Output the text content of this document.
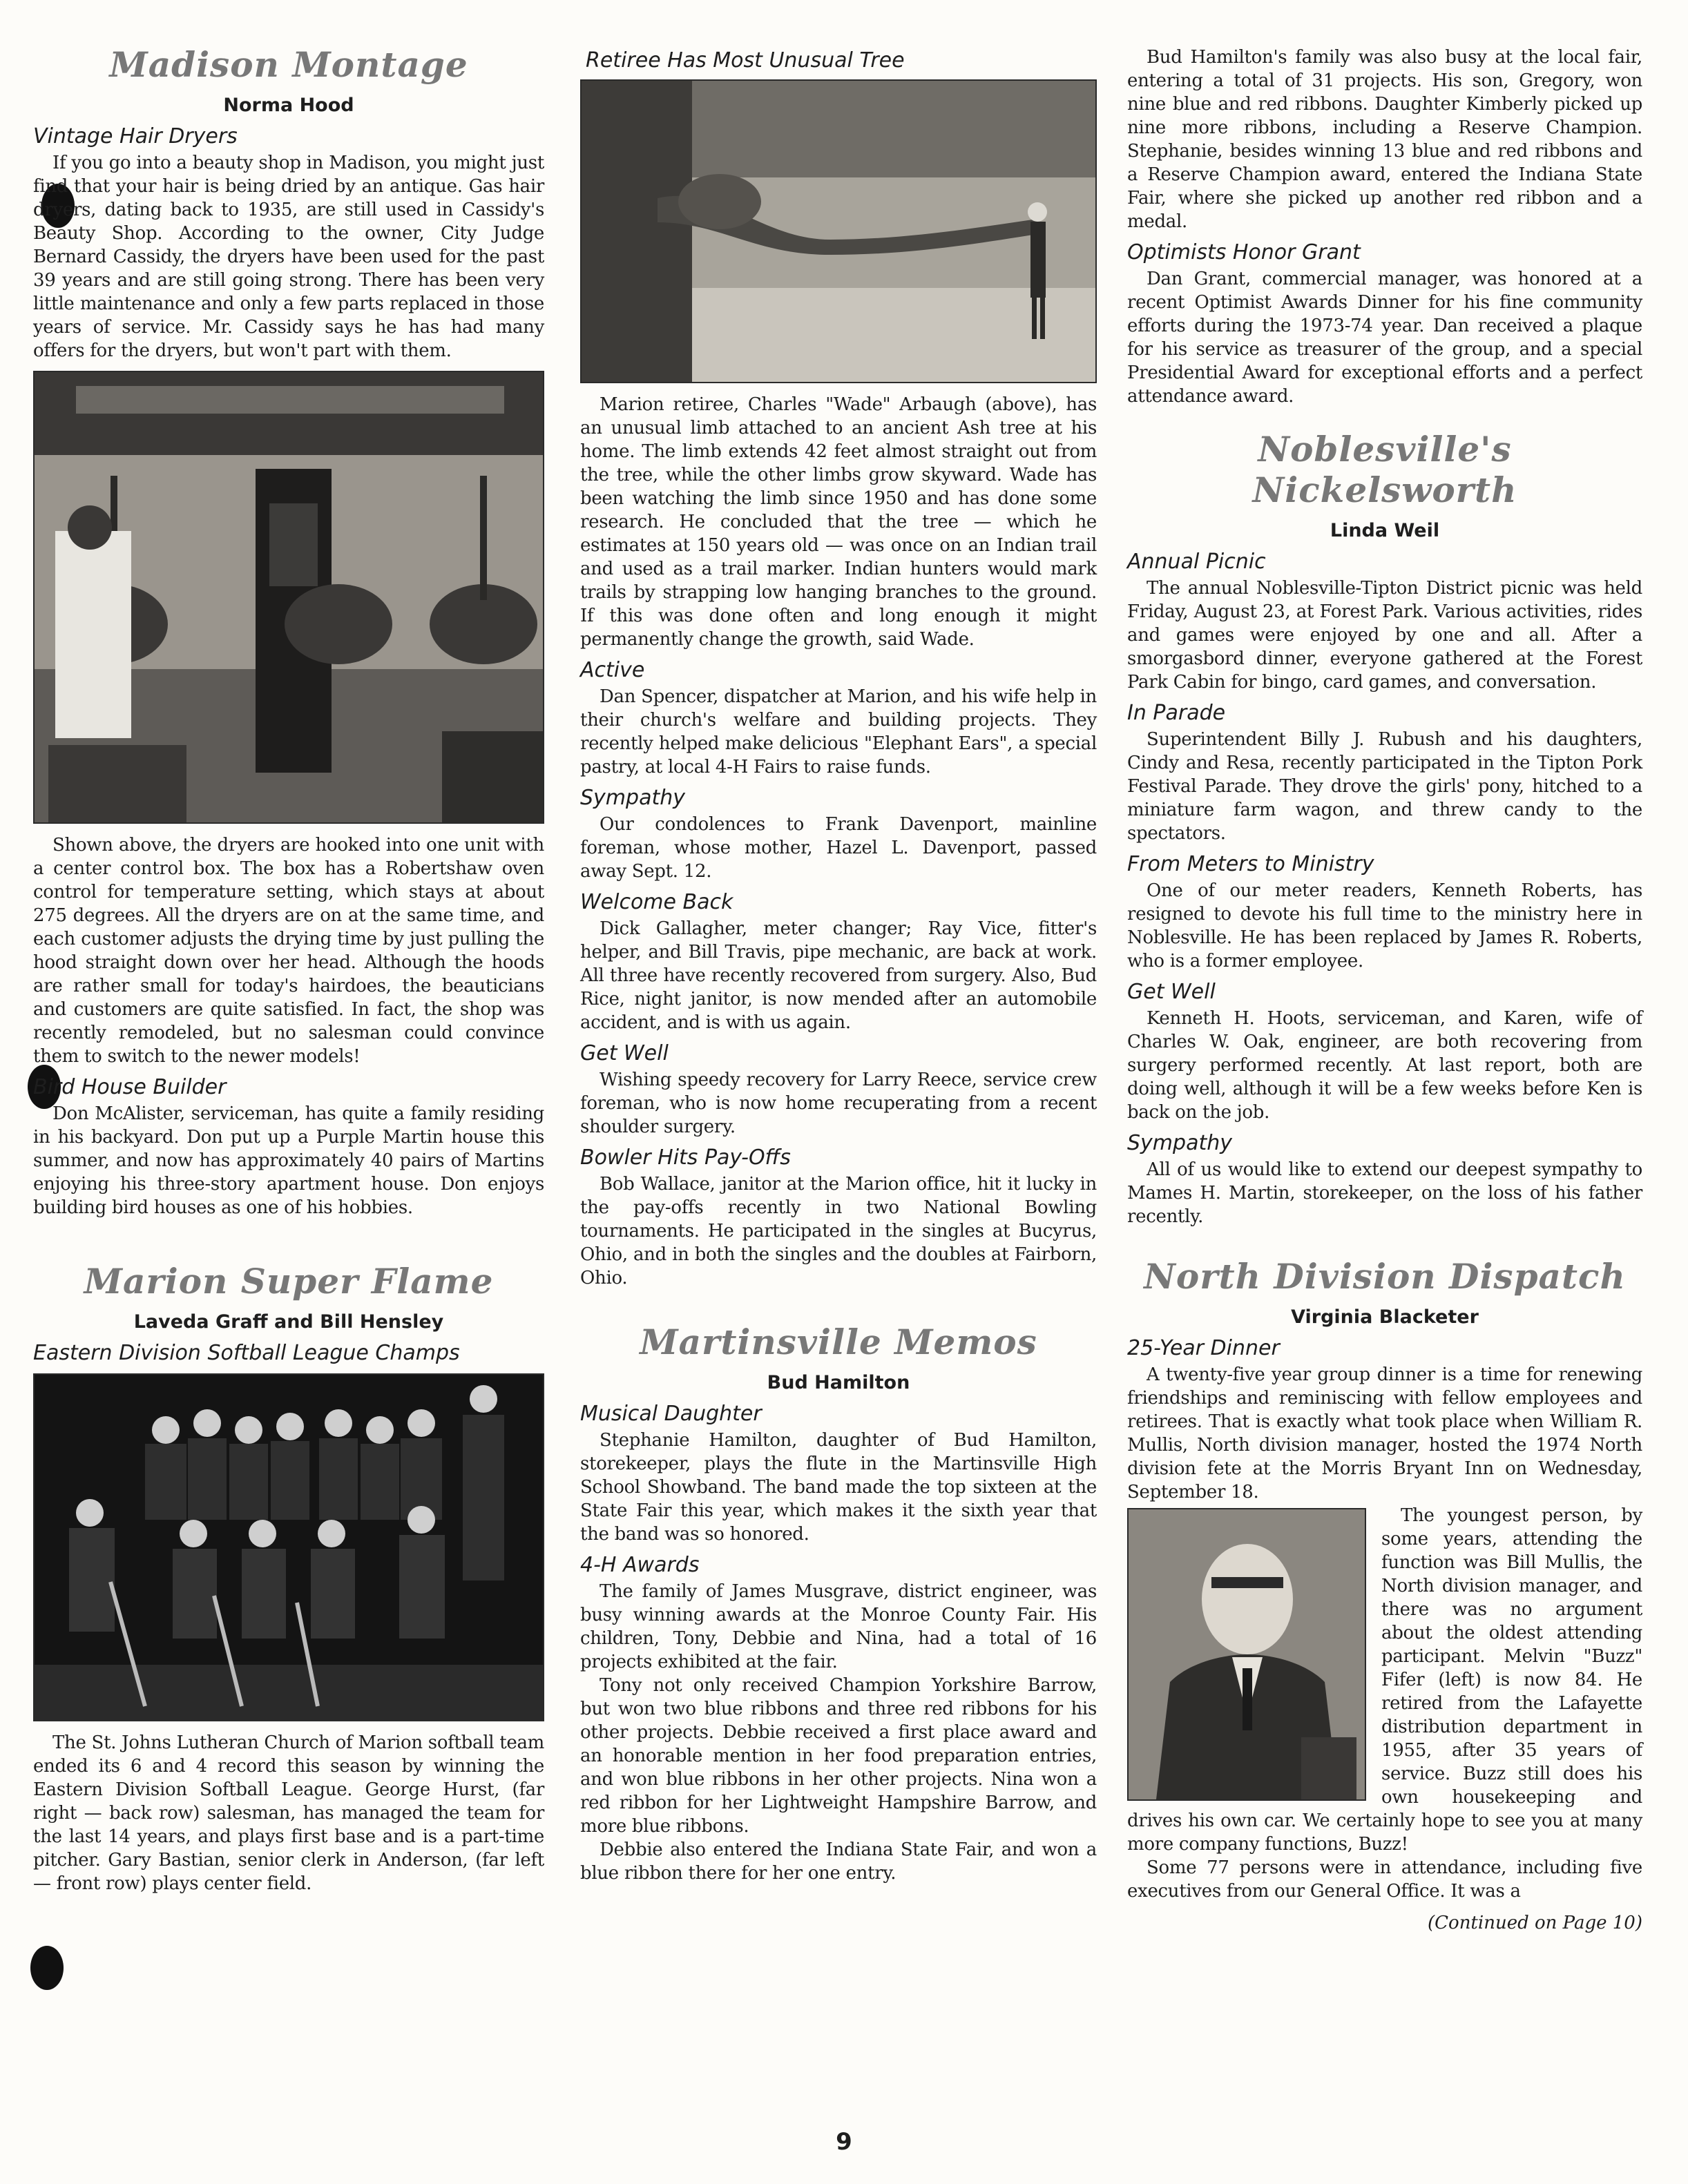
Madison Montage
Norma Hood
Vintage Hair Dryers

If you go into a beauty shop in Madison, you might just find that your hair is being dried by an antique. Gas hair dryers, dating back to 1935, are still used in Cassidy's Beauty Shop. According to the owner, City Judge Bernard Cassidy, the dryers have been used for the past 39 years and are still going strong. There has been very little maintenance and only a few parts replaced in those years of service. Mr. Cassidy says he has had many offers for the dryers, but won't part with them.

Shown above, the dryers are hooked into one unit with a center control box. The box has a Robertshaw oven control for temperature setting, which stays at about 275 degrees. All the dryers are on at the same time, and each customer adjusts the drying time by just pulling the hood straight down over her head. Although the hoods are rather small for today's hairdoes, the beauticians and customers are quite satisfied. In fact, the shop was recently remodeled, but no salesman could convince them to switch to the newer models!

Bird House Builder

Don McAlister, serviceman, has quite a family residing in his backyard. Don put up a Purple Martin house this summer, and now has approximately 40 pairs of Martins enjoying his three-story apartment house. Don enjoys building bird houses as one of his hobbies.

Marion Super Flame
Laveda Graff and Bill Hensley
Eastern Division Softball League Champs

The St. Johns Lutheran Church of Marion softball team ended its 6 and 4 record this season by winning the Eastern Division Softball League. George Hurst, (far right — back row) salesman, has managed the team for the last 14 years, and plays first base and is a part-time pitcher. Gary Bastian, senior clerk in Anderson, (far left — front row) plays center field.

Retiree Has Most Unusual Tree

Marion retiree, Charles "Wade" Arbaugh (above), has an unusual limb attached to an ancient Ash tree at his home. The limb extends 42 feet almost straight out from the tree, while the other limbs grow skyward. Wade has been watching the limb since 1950 and has done some research. He concluded that the tree — which he estimates at 150 years old — was once on an Indian trail and used as a trail marker. Indian hunters would mark trails by strapping low hanging branches to the ground. If this was done often and long enough it might permanently change the growth, said Wade.

Active

Dan Spencer, dispatcher at Marion, and his wife help in their church's welfare and building projects. They recently helped make delicious "Elephant Ears", a special pastry, at local 4-H Fairs to raise funds.

Sympathy

Our condolences to Frank Davenport, mainline foreman, whose mother, Hazel L. Davenport, passed away Sept. 12.

Welcome Back

Dick Gallagher, meter changer; Ray Vice, fitter's helper, and Bill Travis, pipe mechanic, are back at work. All three have recently recovered from surgery. Also, Bud Rice, night janitor, is now mended after an automobile accident, and is with us again.

Get Well

Wishing speedy recovery for Larry Reece, service crew foreman, who is now home recuperating from a recent shoulder surgery.

Bowler Hits Pay-Offs

Bob Wallace, janitor at the Marion office, hit it lucky in the pay-offs recently in two National Bowling tournaments. He participated in the singles at Bucyrus, Ohio, and in both the singles and the doubles at Fairborn, Ohio.

Martinsville Memos
Bud Hamilton
Musical Daughter

Stephanie Hamilton, daughter of Bud Hamilton, storekeeper, plays the flute in the Martinsville High School Showband. The band made the top sixteen at the State Fair this year, which makes it the sixth year that the band was so honored.

4-H Awards

The family of James Musgrave, district engineer, was busy winning awards at the Monroe County Fair. His children, Tony, Debbie and Nina, had a total of 16 projects exhibited at the fair.

Tony not only received Champion Yorkshire Barrow, but won two blue ribbons and three red ribbons for his other projects. Debbie received a first place award and an honorable mention in her food preparation entries, and won blue ribbons in her other projects. Nina won a red ribbon for her Lightweight Hampshire Barrow, and more blue ribbons.

Debbie also entered the Indiana State Fair, and won a blue ribbon there for her one entry.

Bud Hamilton's family was also busy at the local fair, entering a total of 31 projects. His son, Gregory, won nine blue and red ribbons. Daughter Kimberly picked up nine more ribbons, including a Reserve Champion. Stephanie, besides winning 13 blue and red ribbons and a Reserve Champion award, entered the Indiana State Fair, where she picked up another red ribbon and a medal.

Optimists Honor Grant

Dan Grant, commercial manager, was honored at a recent Optimist Awards Dinner for his fine community efforts during the 1973-74 year. Dan received a plaque for his service as treasurer of the group, and a special Presidential Award for exceptional efforts and a perfect attendance award.

Noblesville's Nickelsworth
Linda Weil
Annual Picnic

The annual Noblesville-Tipton District picnic was held Friday, August 23, at Forest Park. Various activities, rides and games were enjoyed by one and all. After a smorgasbord dinner, everyone gathered at the Forest Park Cabin for bingo, card games, and conversation.

In Parade

Superintendent Billy J. Rubush and his daughters, Cindy and Resa, recently participated in the Tipton Pork Festival Parade. They drove the girls' pony, hitched to a miniature farm wagon, and threw candy to the spectators.

From Meters to Ministry

One of our meter readers, Kenneth Roberts, has resigned to devote his full time to the ministry here in Noblesville. He has been replaced by James R. Roberts, who is a former employee.

Get Well

Kenneth H. Hoots, serviceman, and Karen, wife of Charles W. Oak, engineer, are both recovering from surgery performed recently. At last report, both are doing well, although it will be a few weeks before Ken is back on the job.

Sympathy

All of us would like to extend our deepest sympathy to Mames H. Martin, storekeeper, on the loss of his father recently.

North Division Dispatch
Virginia Blacketer
25-Year Dinner

A twenty-five year group dinner is a time for renewing friendships and reminiscing with fellow employees and retirees. That is exactly what took place when William R. Mullis, North division manager, hosted the 1974 North division fete at the Morris Bryant Inn on Wednesday, September 18.

The youngest person, by some years, attending the function was Bill Mullis, the North division manager, and there was no argument about the oldest attending participant. Melvin "Buzz" Fifer (left) is now 84. He retired from the Lafayette distribution department in 1955, after 35 years of service. Buzz still does his own housekeeping and drives his own car. We certainly hope to see you at many more company functions, Buzz!

Some 77 persons were in attendance, including five executives from our General Office. It was a

(Continued on Page 10)
9
